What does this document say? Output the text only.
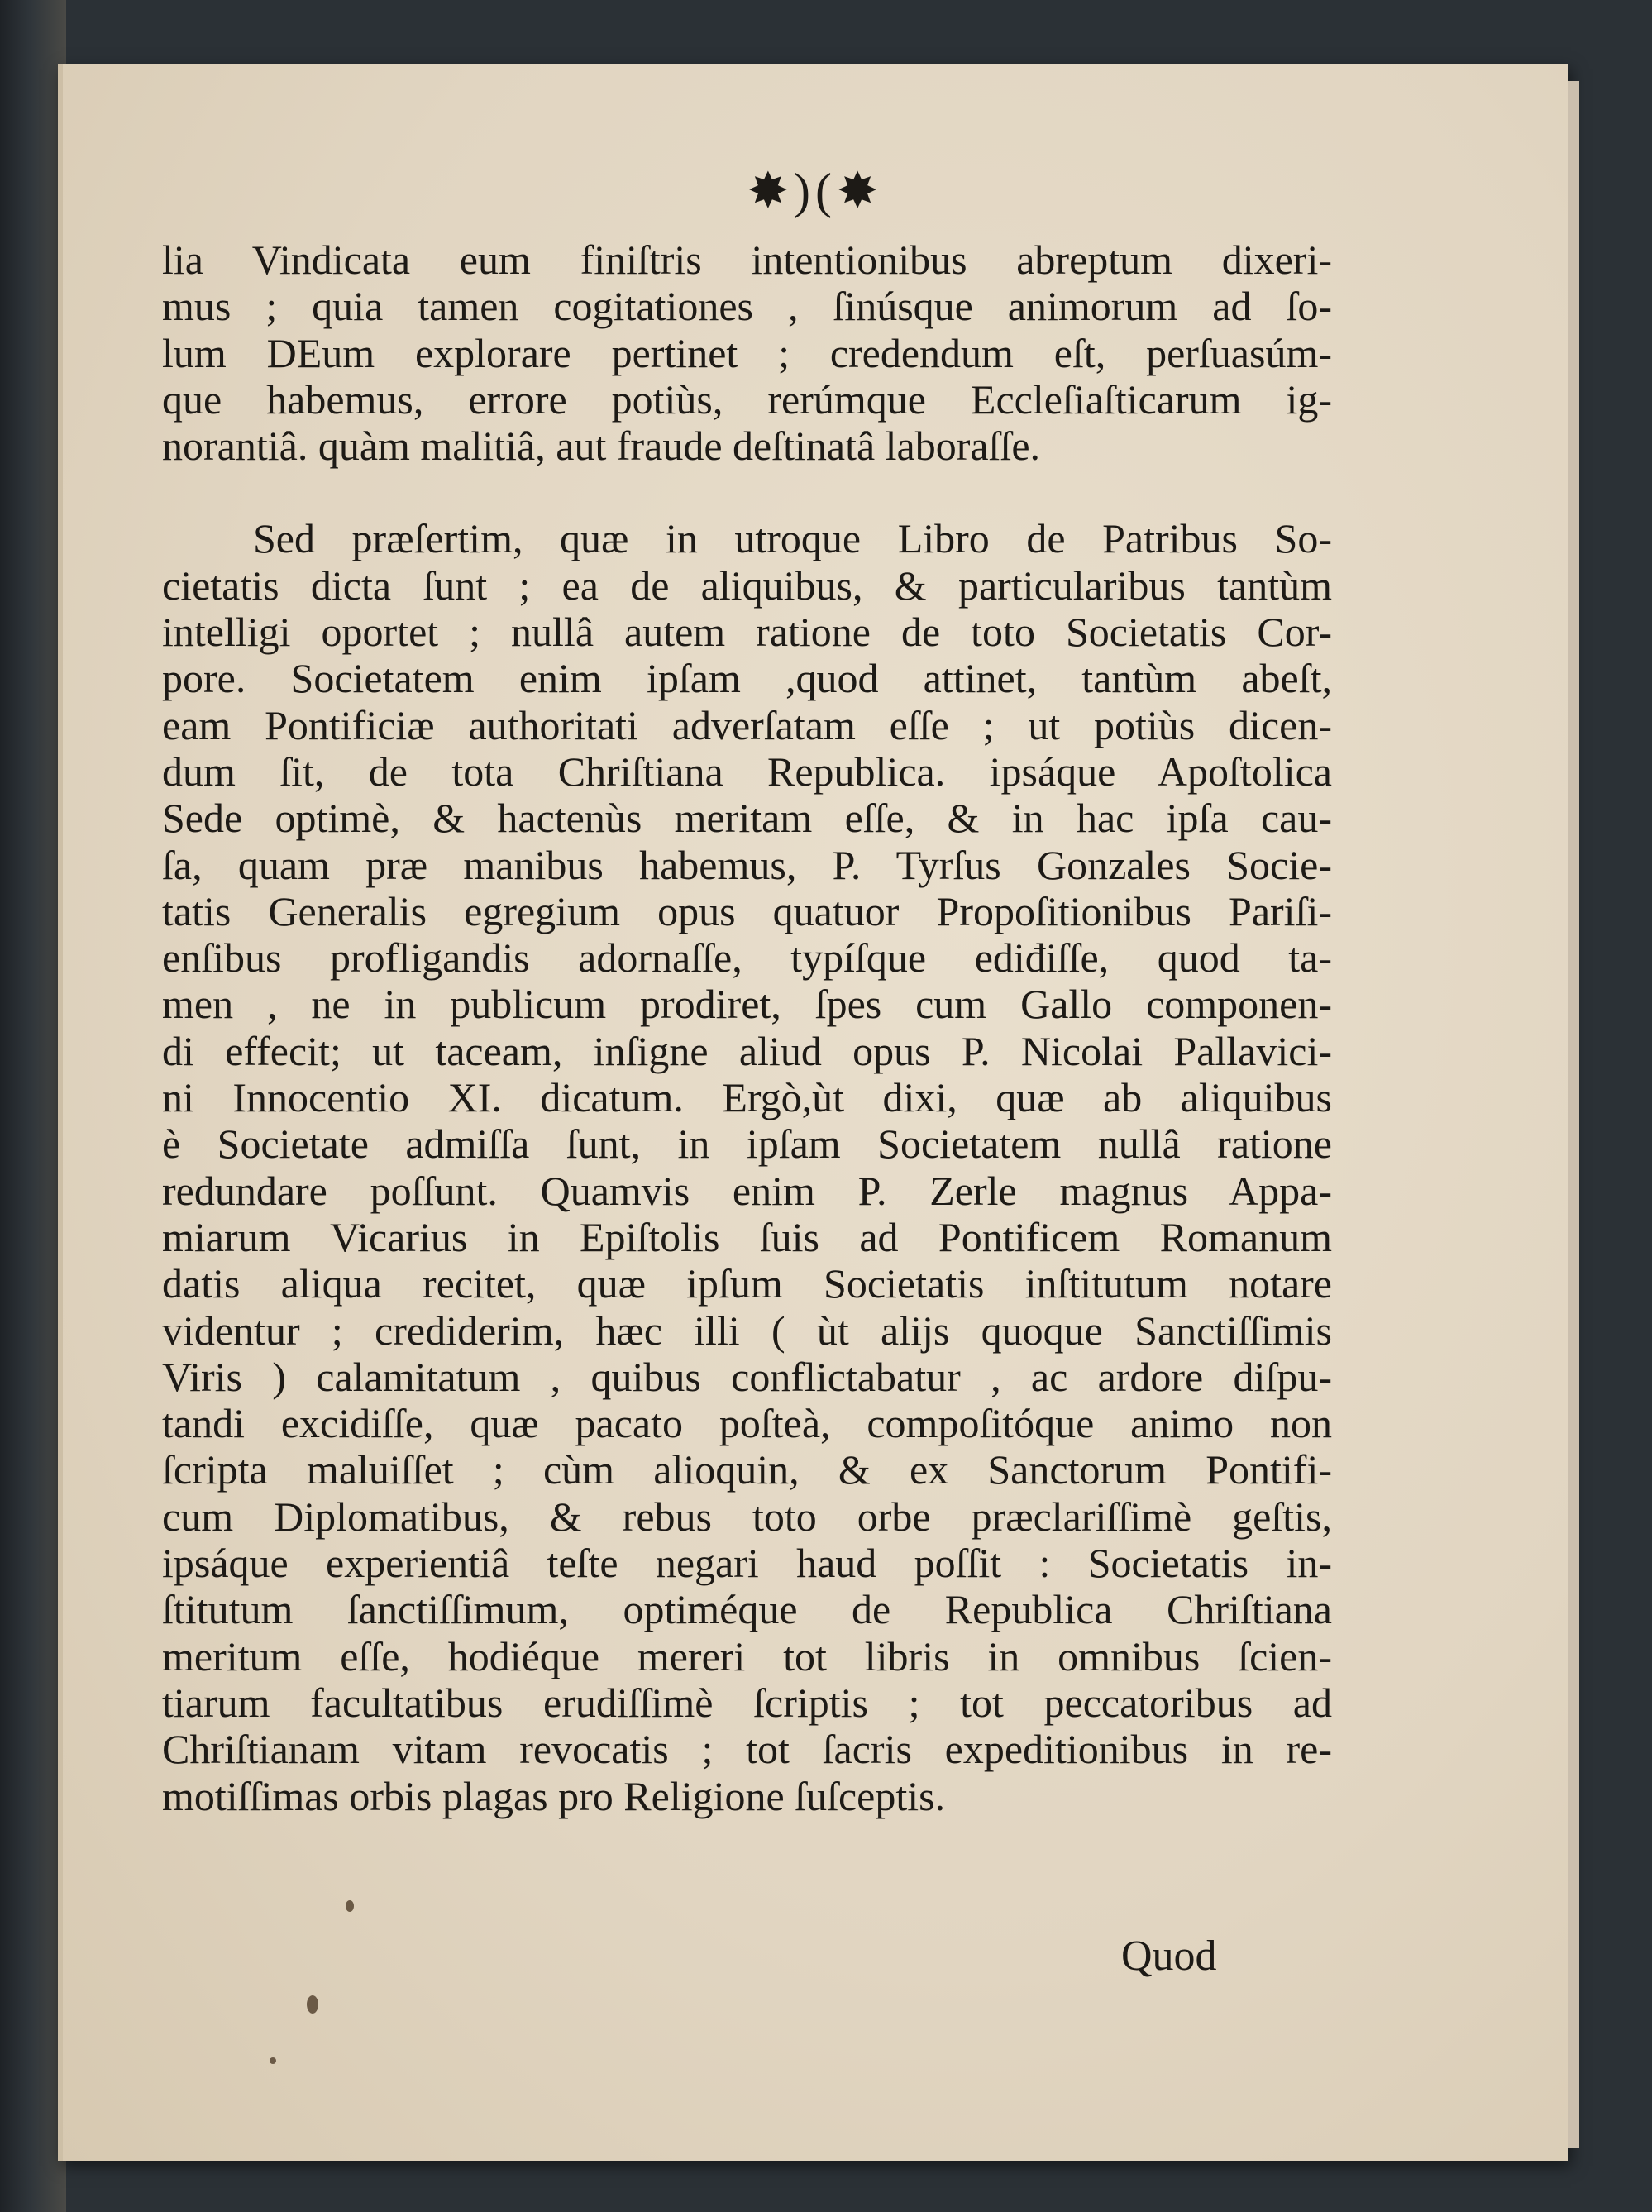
✸)(✸
lia Vindicata eum finiſtris intentionibus abreptum dixeri-
mus ; quia tamen cogitationes , ſinúsque animorum ad ſo-
lum DEum explorare pertinet ; credendum eſt, perſuasúm-
que habemus, errore potiùs, rerúmque Eccleſiaſticarum ig-
norantiâ. quàm malitiâ, aut fraude deſtinatâ laboraſſe.
Sed præſertim, quæ in utroque Libro de Patribus So-
cietatis dicta ſunt ; ea de aliquibus, & particularibus tantùm
intelligi oportet ; nullâ autem ratione de toto Societatis Cor-
pore. Societatem enim ipſam ,quod attinet, tantùm abeſt,
eam Pontificiæ authoritati adverſatam eſſe ; ut potiùs dicen-
dum ſit, de tota Chriſtiana Republica. ipsáque Apoſtolica
Sede optimè, & hactenùs meritam eſſe, & in hac ipſa cau-
ſa, quam præ manibus habemus, P. Tyrſus Gonzales Socie-
tatis Generalis egregium opus quatuor Propoſitionibus Pariſi-
enſibus profligandis adornaſſe, typíſque ediđiſſe, quod ta-
men , ne in publicum prodiret, ſpes cum Gallo componen-
di effecit; ut taceam, inſigne aliud opus P. Nicolai Pallavici-
ni Innocentio XI. dicatum. Ergò,ùt dixi, quæ ab aliquibus
è Societate admiſſa ſunt, in ipſam Societatem nullâ ratione
redundare poſſunt. Quamvis enim P. Zerle magnus Appa-
miarum Vicarius in Epiſtolis ſuis ad Pontificem Romanum
datis aliqua recitet, quæ ipſum Societatis inſtitutum notare
videntur ; crediderim, hæc illi ( ùt alijs quoque Sanctiſſimis
Viris ) calamitatum , quibus conflictabatur , ac ardore diſpu-
tandi excidiſſe, quæ pacato poſteà, compoſitóque animo non
ſcripta maluiſſet ; cùm alioquin, & ex Sanctorum Pontifi-
cum Diplomatibus, & rebus toto orbe præclariſſimè geſtis,
ipsáque experientiâ teſte negari haud poſſit : Societatis in-
ſtitutum ſanctiſſimum, optiméque de Republica Chriſtiana
meritum eſſe, hodiéque mereri tot libris in omnibus ſcien-
tiarum facultatibus erudiſſimè ſcriptis ; tot peccatoribus ad
Chriſtianam vitam revocatis ; tot ſacris expeditionibus in re-
motiſſimas orbis plagas pro Religione ſuſceptis.
Quod
